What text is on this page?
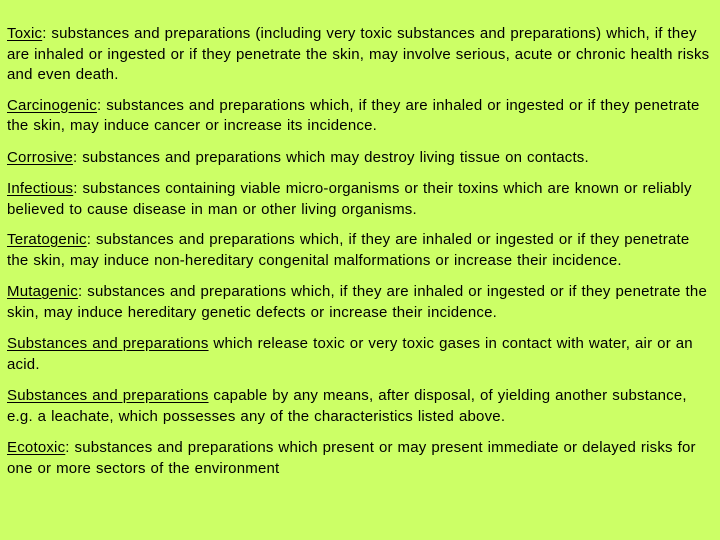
Toxic: substances and preparations (including very toxic substances and preparations) which, if they are inhaled or ingested or if they penetrate the skin, may involve serious, acute or chronic health risks and even death.

Carcinogenic: substances and preparations which, if they are inhaled or ingested or if they penetrate the skin, may induce cancer or increase its incidence.

Corrosive: substances and preparations which may destroy living tissue on contacts.

Infectious: substances containing viable micro-organisms or their toxins which are known or reliably believed to cause disease in man or other living organisms.

Teratogenic: substances and preparations which, if they are inhaled or ingested or if they penetrate the skin, may induce non-hereditary congenital malformations or increase their incidence.

Mutagenic: substances and preparations which, if they are inhaled or ingested or if they penetrate the skin, may induce hereditary genetic defects or increase their incidence.

Substances and preparations which release toxic or very toxic gases in contact with water, air or an acid.

Substances and preparations capable by any means, after disposal, of yielding another substance, e.g. a leachate, which possesses any of the characteristics listed above.

Ecotoxic: substances and preparations which present or may present immediate or delayed risks for one or more sectors of the environment
